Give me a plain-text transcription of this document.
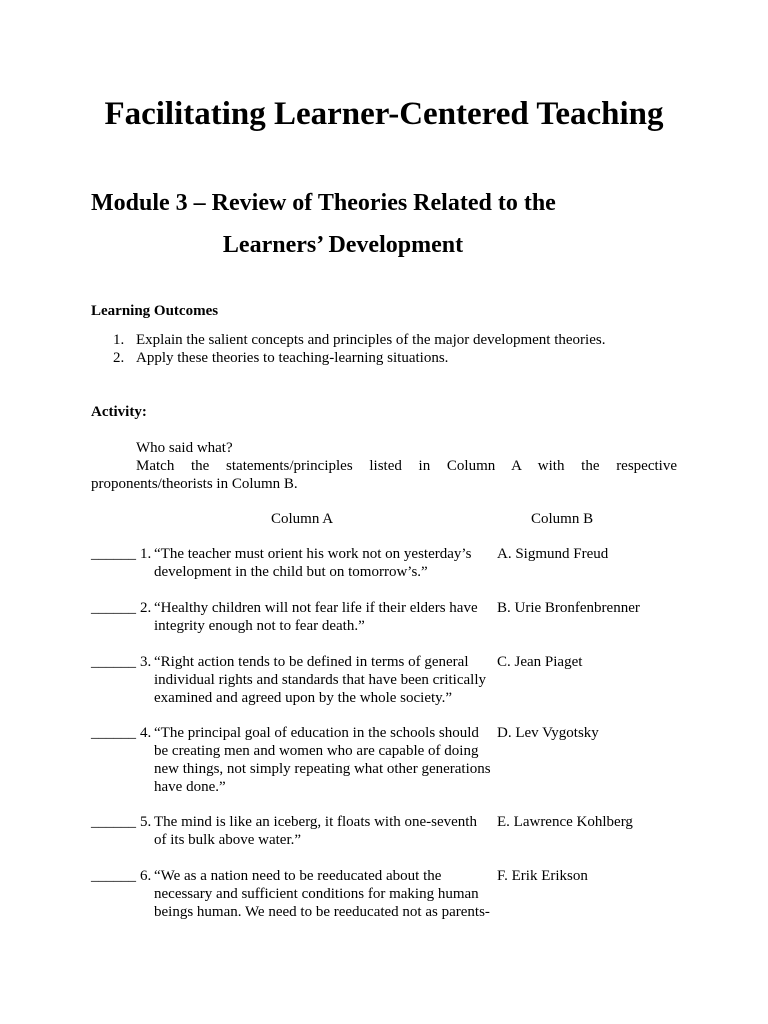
Facilitating Learner-Centered Teaching
Module 3 – Review of Theories Related to the
Learners’ Development
Learning Outcomes
1. Explain the salient concepts and principles of the major development theories.
2. Apply these theories to teaching-learning situations.
Activity:

Who said what?

Match the statements/principles listed in Column A with the respective

proponents/theorists in Column B.
Column A	Column B
______ 1. “The teacher must orient his work not on yesterday’s
development in the child but on tomorrow’s.”
A. Sigmund Freud
______ 2. “Healthy children will not fear life if their elders have
integrity enough not to fear death.”
B. Urie Bronfenbrenner
______ 3. “Right action tends to be defined in terms of general
individual rights and standards that have been critically
examined and agreed upon by the whole society.”
C. Jean Piaget
______ 4. “The principal goal of education in the schools should
be creating men and women who are capable of doing
new things, not simply repeating what other generations
have done.”
D. Lev Vygotsky
______ 5. The mind is like an iceberg, it floats with one-seventh
of its bulk above water.”
E. Lawrence Kohlberg
______ 6. “We as a nation need to be reeducated about the
necessary and sufficient conditions for making human
beings human. We need to be reeducated not as parents-
F. Erik Erikson
